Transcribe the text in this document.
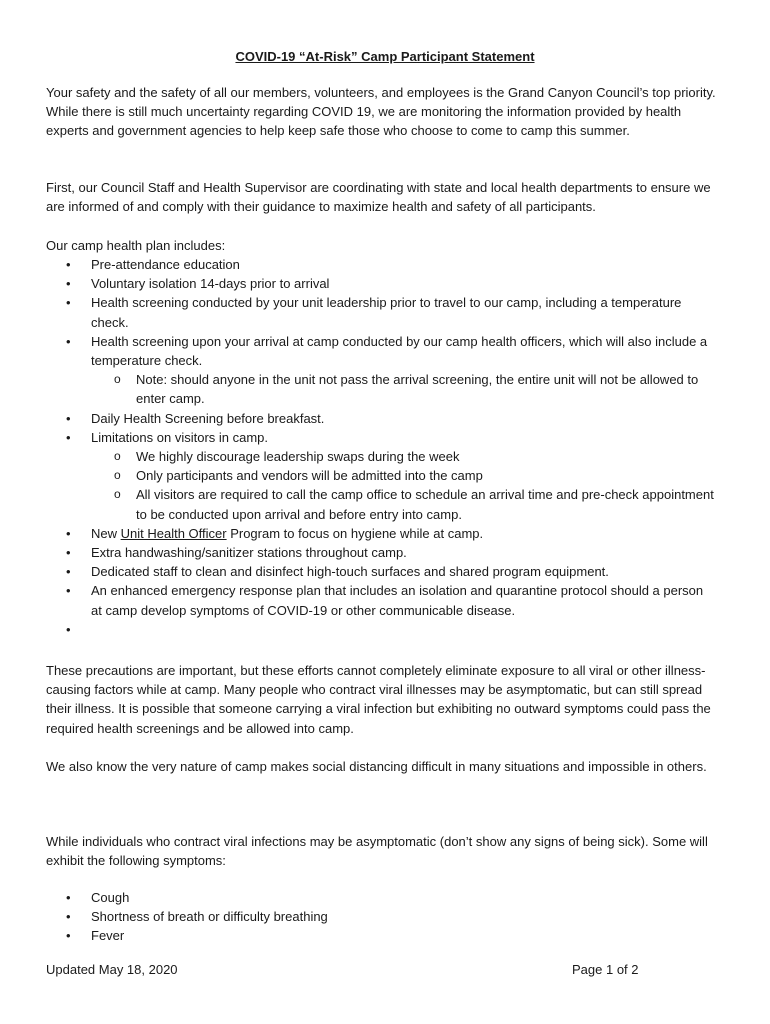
COVID-19 “At-Risk” Camp Participant Statement

Your safety and the safety of all our members, volunteers, and employees is the Grand Canyon Council’s top priority. While there is still much uncertainty regarding COVID 19, we are monitoring the information provided by health experts and government agencies to help keep safe those who choose to come to camp this summer.

First, our Council Staff and Health Supervisor are coordinating with state and local health departments to ensure we are informed of and comply with their guidance to maximize health and safety of all participants.

Our camp health plan includes:

• Pre-attendance education
• Voluntary isolation 14-days prior to arrival
• Health screening conducted by your unit leadership prior to travel to our camp, including a temperature check.
• Health screening upon your arrival at camp conducted by our camp health officers, which will also include a temperature check.
o Note: should anyone in the unit not pass the arrival screening, the entire unit will not be allowed to enter camp.
• Daily Health Screening before breakfast.
• Limitations on visitors in camp.
o We highly discourage leadership swaps during the week
o Only participants and vendors will be admitted into the camp
o All visitors are required to call the camp office to schedule an arrival time and pre-check appointment to be conducted upon arrival and before entry into camp.
• New Unit Health Officer Program to focus on hygiene while at camp.
• Extra handwashing/sanitizer stations throughout camp.
• Dedicated staff to clean and disinfect high-touch surfaces and shared program equipment.
• An enhanced emergency response plan that includes an isolation and quarantine protocol should a person at camp develop symptoms of COVID-19 or other communicable disease.
•

These precautions are important, but these efforts cannot completely eliminate exposure to all viral or other illness-causing factors while at camp. Many people who contract viral illnesses may be asymptomatic, but can still spread their illness. It is possible that someone carrying a viral infection but exhibiting no outward symptoms could pass the required health screenings and be allowed into camp.

We also know the very nature of camp makes social distancing difficult in many situations and impossible in others.

While individuals who contract viral infections may be asymptomatic (don’t show any signs of being sick). Some will exhibit the following symptoms:

• Cough
• Shortness of breath or difficulty breathing
• Fever
Updated May 18, 2020	Page 1 of 2
